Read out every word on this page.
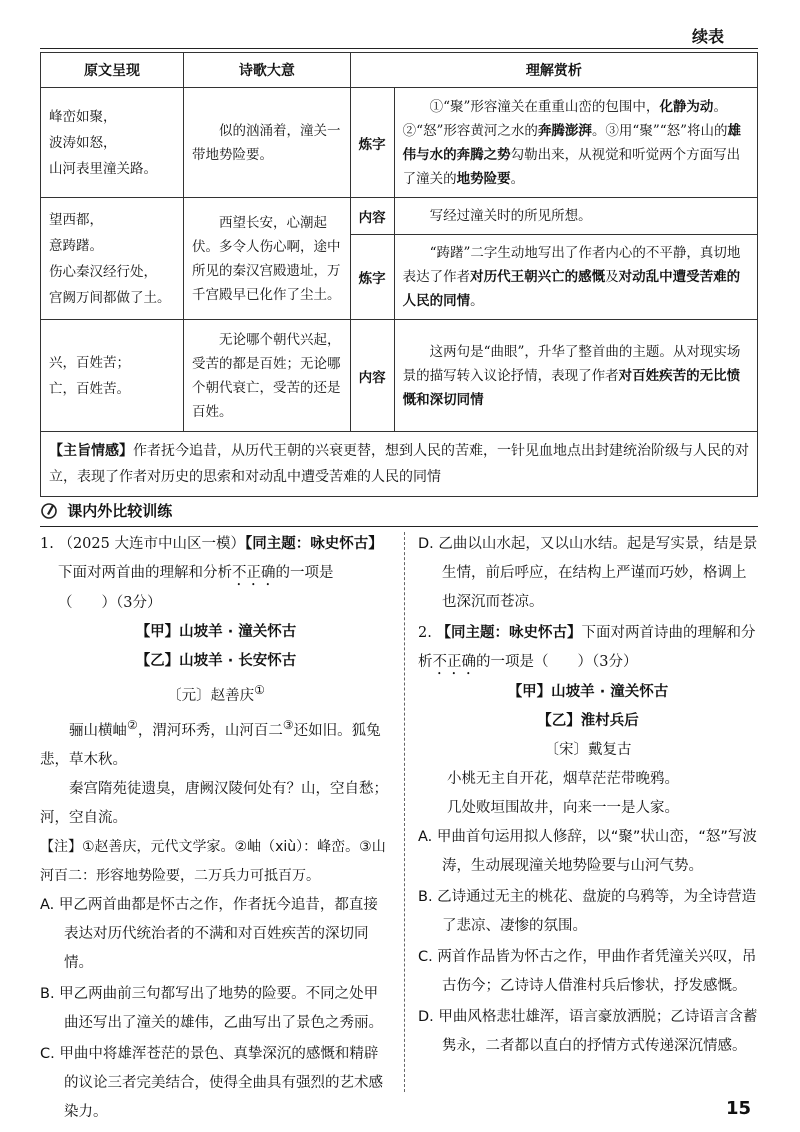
续表
原文呈现	诗歌大意	理解赏析	

峰峦如聚，
波涛如怒，
山河表里潼关路。	似的汹涌着，潼关一带地势险要。	炼字	①“聚”形容潼关在重重山峦的包围中，化静为动。②“怒”形容黄河之水的奔腾澎湃。③用“聚”“怒”将山的雄伟与水的奔腾之势勾勒出来，从视觉和听觉两个方面写出了潼关的地势险要。

望西都，
意踌躇。
伤心秦汉经行处，
宫阙万间都做了土。	西望长安，心潮起伏。多令人伤心啊，途中所见的秦汉宫殿遗址，万千宫殿早已化作了尘土。	内容	写经过潼关时的所见所想。
		炼字	“踌躇”二字生动地写出了作者内心的不平静，真切地表达了作者对历代王朝兴亡的感慨及对动乱中遭受苦难的人民的同情。

兴，百姓苦；
亡，百姓苦。	无论哪个朝代兴起，受苦的都是百姓；无论哪个朝代衰亡，受苦的还是百姓。	内容	这两句是“曲眼”，升华了整首曲的主题。从对现实场景的描写转入议论抒情，表现了作者对百姓疾苦的无比愤慨和深切同情
【主旨情感】作者抚今追昔，从历代王朝的兴衰更替，想到人民的苦难，一针见血地点出封建统治阶级与人民的对立，表现了作者对历史的思索和对动乱中遭受苦难的人民的同情			
课内外比较训练
1. （2025 大连市中山区一模）【同主题：咏史怀古】
下面对两首曲的理解和分析不正确的一项是
（　　）（3分）
【甲】山坡羊 · 潼关怀古
【乙】山坡羊 · 长安怀古
〔元〕赵善庆①
骊山横岫②，渭河环秀，山河百二③还如旧。狐兔悲，草木秋。
秦宫隋苑徒遗臭，唐阙汉陵何处有？山，空自愁；河，空自流。
【注】①赵善庆，元代文学家。②岫（xiù）：峰峦。③山河百二：形容地势险要，二万兵力可抵百万。
A. 甲乙两首曲都是怀古之作，作者抚今追昔，都直接表达对历代统治者的不满和对百姓疾苦的深切同情。
B. 甲乙两曲前三句都写出了地势的险要。不同之处甲曲还写出了潼关的雄伟，乙曲写出了景色之秀丽。
C. 甲曲中将雄浑苍茫的景色、真挚深沉的感慨和精辟的议论三者完美结合，使得全曲具有强烈的艺术感染力。
D. 乙曲以山水起，又以山水结。起是写实景，结是景生情，前后呼应，在结构上严谨而巧妙，格调上也深沉而苍凉。
2. 【同主题：咏史怀古】下面对两首诗曲的理解和分析不正确的一项是（　　）（3分）
【甲】山坡羊 · 潼关怀古
【乙】淮村兵后
〔宋〕戴复古
小桃无主自开花，烟草茫茫带晚鸦。
几处败垣围故井，向来一一是人家。
A. 甲曲首句运用拟人修辞，以“聚”状山峦，“怒”写波涛，生动展现潼关地势险要与山河气势。
B. 乙诗通过无主的桃花、盘旋的乌鸦等，为全诗营造了悲凉、凄惨的氛围。
C. 两首作品皆为怀古之作，甲曲作者凭潼关兴叹，吊古伤今；乙诗诗人借淮村兵后惨状，抒发感慨。
D. 甲曲风格悲壮雄浑，语言豪放洒脱；乙诗语言含蓄隽永，二者都以直白的抒情方式传递深沉情感。
15
